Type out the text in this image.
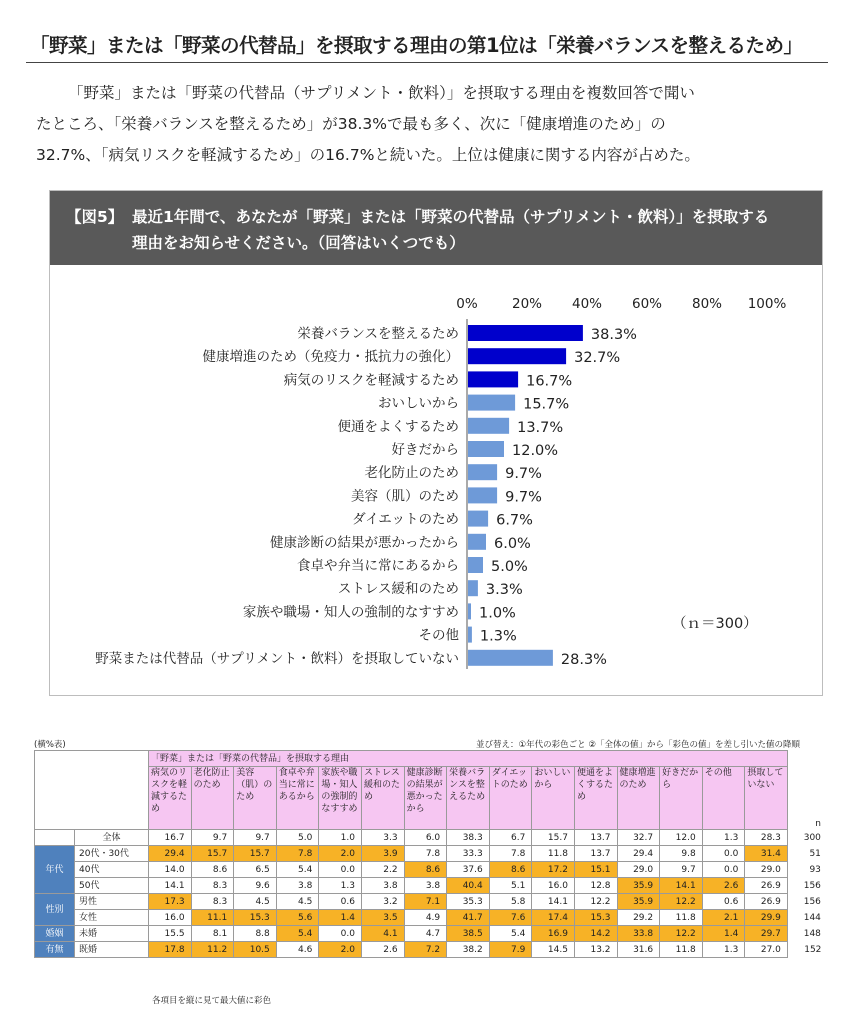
「野菜」または「野菜の代替品」を摂取する理由の第1位は「栄養バランスを整えるため」

「野菜」または「野菜の代替品（サプリメント・飲料）」を摂取する理由を複数回答で聞い

たところ、「栄養バランスを整えるため」が38.3%で最も多く、次に「健康増進のため」の

32.7%、「病気リスクを軽減するため」の16.7%と続いた。上位は健康に関する内容が占めた。

【図5】 最近1年間で、あなたが「野菜」または「野菜の代替品（サプリメント・飲料）」を摂取する
理由をお知らせください。（回答はいくつでも）
0%	20% 40% 60% 80% 100%
栄養バランスを整えるため	38.3%
健康増進のため（免疫力・抵抗力の強化）	32.7%
病気のリスクを軽減するため	16.7%
おいしいから	15.7%
便通をよくするため	13.7%
好きだから	12.0%
老化防止のため	9.7%
美容（肌）のため	9.7%
ダイエットのため	6.7%
健康診断の結果が悪かったから 6.0%
食卓や弁当に常にあるから 5.0%
ストレス緩和のため 3.3%
家族や職場・知人の強制的なすすめ 1.0%
その他 1.3%
野菜または代替品（サプリメント・飲料）を摂取していない	28.3%
（ｎ＝300）
(横%表)	並び替え：①年代の彩色ごと ②「全体の値」から「彩色の値」を差し引いた値の降順
		「野菜」または「野菜の代替品」を摂取する理由															
		病気のリスクを軽減するため	老化防止のため	美容（肌）のため	食卓や弁当に常にあるから	家族や職場・知人の強制的なすすめ	ストレス緩和のため	健康診断の結果が悪かったから	栄養バランスを整えるため	ダイエットのため	おいしいから	便通をよくするため	健康増進のため	好きだから	その他	摂取していない	n
	全体	16.7	9.7	9.7	5.0	1.0	3.3	6.0	38.3	6.7	15.7	13.7	32.7	12.0	1.3	28.3	300
年代	20代・30代	29.4	15.7	15.7	7.8	2.0	3.9	7.8	33.3	7.8	11.8	13.7	29.4	9.8	0.0	31.4	51
	40代	14.0	8.6	6.5	5.4	0.0	2.2	8.6	37.6	8.6	17.2	15.1	29.0	9.7	0.0	29.0	93
	50代	14.1	8.3	9.6	3.8	1.3	3.8	3.8	40.4	5.1	16.0	12.8	35.9	14.1	2.6	26.9	156
性別	男性	17.3	8.3	4.5	4.5	0.6	3.2	7.1	35.3	5.8	14.1	12.2	35.9	12.2	0.6	26.9	156
	女性	16.0	11.1	15.3	5.6	1.4	3.5	4.9	41.7	7.6	17.4	15.3	29.2	11.8	2.1	29.9	144
婚姻	未婚	15.5	8.1	8.8	5.4	0.0	4.1	4.7	38.5	5.4	16.9	14.2	33.8	12.2	1.4	29.7	148
有無	既婚	17.8	11.2	10.5	4.6	2.0	2.6	7.2	38.2	7.9	14.5	13.2	31.6	11.8	1.3	27.0	152
各項目を縦に見て最大値に彩色
